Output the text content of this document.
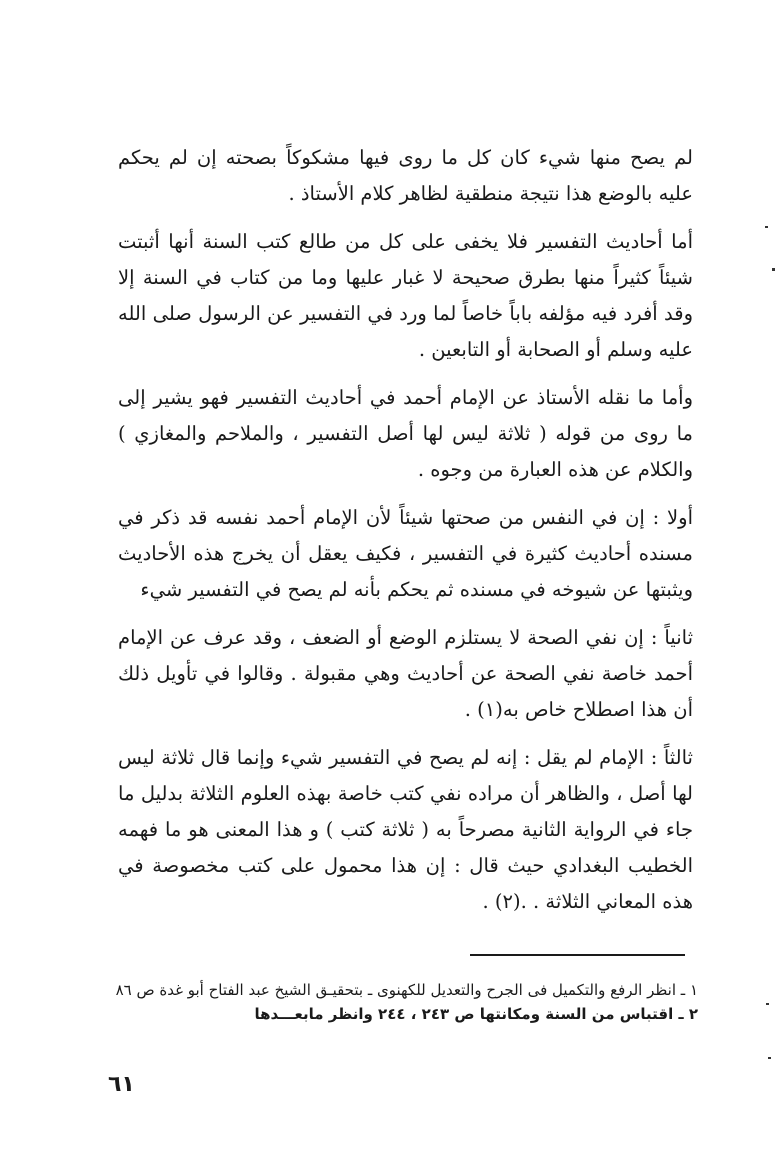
لم يصح منها شيء كان كل ما روى فيها مشكوكاً بصحته إن لم يحكم عليه بالوضع هذا نتيجة منطقية لظاهر كلام الأستاذ .

أما أحاديث التفسير فلا يخفى على كل من طالع كتب السنة أنها أثبتت شيئاً كثيراً منها بطرق صحيحة لا غبار عليها وما من كتاب في السنة إلا وقد أفرد فيه مؤلفه باباً خاصاً لما ورد في التفسير عن الرسول صلى الله عليه وسلم أو الصحابة أو التابعين .

وأما ما نقله الأستاذ عن الإمام أحمد في أحاديث التفسير فهو يشير إلى ما روى من قوله ( ثلاثة ليس لها أصل التفسير ، والملاحم والمغازي ) والكلام عن هذه العبارة من وجوه .

أولا : إن في النفس من صحتها شيئاً لأن الإمام أحمد نفسه قد ذكر في مسنده أحاديث كثيرة في التفسير ، فكيف يعقل أن يخرج هذه الأحاديث ويثبتها عن شيوخه في مسنده ثم يحكم بأنه لم يصح في التفسير شيء

ثانياً : إن نفي الصحة لا يستلزم الوضع أو الضعف ، وقد عرف عن الإمام أحمد خاصة نفي الصحة عن أحاديث وهي مقبولة . وقالوا في تأويل ذلك أن هذا اصطلاح خاص به(١) .

ثالثاً : الإمام لم يقل : إنه لم يصح في التفسير شيء وإنما قال ثلاثة ليس لها أصل ، والظاهر أن مراده نفي كتب خاصة بهذه العلوم الثلاثة بدليل ما جاء في الرواية الثانية مصرحاً به ( ثلاثة كتب ) و هذا المعنى هو ما فهمه الخطيب البغدادي حيث قال : إن هذا محمول على كتب مخصوصة في هذه المعاني الثلاثة . .(٢) .

١ ـ انظر الرفع والتكميل فى الجرح والتعديل للكهنوى ـ بتحقيـق الشيخ عبد الفتاح أبو غدة ص ٨٦

٢ ـ اقتباس من السنة ومكانتها ص ٢٤٣ ، ٢٤٤ وانظر مابعـــدها

٦١
